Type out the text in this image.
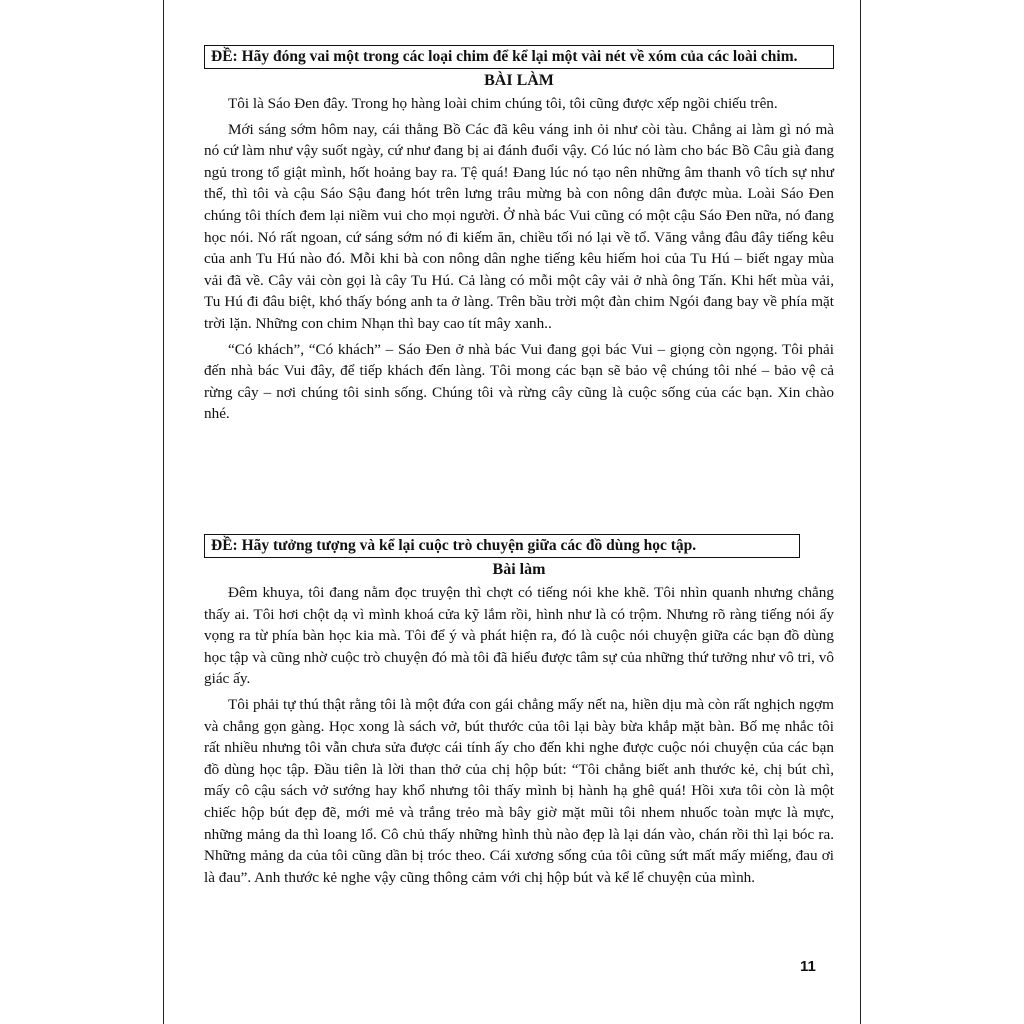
ĐỀ: Hãy đóng vai một trong các loại chim để kể lại một vài nét về xóm của các loài chim.
BÀI LÀM

Tôi là Sáo Đen đây. Trong họ hàng loài chim chúng tôi, tôi cũng được xếp ngồi chiếu trên.

Mới sáng sớm hôm nay, cái thằng Bồ Các đã kêu váng inh ỏi như còi tàu. Chẳng ai làm gì nó mà nó cứ làm như vậy suốt ngày, cứ như đang bị ai đánh đuổi vậy. Có lúc nó làm cho bác Bồ Câu già đang ngủ trong tổ giật mình, hốt hoảng bay ra. Tệ quá! Đang lúc nó tạo nên những âm thanh vô tích sự như thế, thì tôi và cậu Sáo Sậu đang hót trên lưng trâu mừng bà con nông dân được mùa. Loài Sáo Đen chúng tôi thích đem lại niềm vui cho mọi người. Ở nhà bác Vui cũng có một cậu Sáo Đen nữa, nó đang học nói. Nó rất ngoan, cứ sáng sớm nó đi kiếm ăn, chiều tối nó lại về tổ. Văng vẳng đâu đây tiếng kêu của anh Tu Hú nào đó. Mỗi khi bà con nông dân nghe tiếng kêu hiếm hoi của Tu Hú – biết ngay mùa vải đã về. Cây vải còn gọi là cây Tu Hú. Cả làng có mỗi một cây vải ở nhà ông Tấn. Khi hết mùa vải, Tu Hú đi đâu biệt, khó thấy bóng anh ta ở làng. Trên bầu trời một đàn chim Ngói đang bay về phía mặt trời lặn. Những con chim Nhạn thì bay cao tít mây xanh..

“Có khách”, “Có khách” – Sáo Đen ở nhà bác Vui đang gọi bác Vui – giọng còn ngọng. Tôi phải đến nhà bác Vui đây, để tiếp khách đến làng. Tôi mong các bạn sẽ bảo vệ chúng tôi nhé – bảo vệ cả rừng cây – nơi chúng tôi sinh sống. Chúng tôi và rừng cây cũng là cuộc sống của các bạn. Xin chào nhé.

ĐỀ: Hãy tưởng tượng và kể lại cuộc trò chuyện giữa các đồ dùng học tập.
Bài làm

Đêm khuya, tôi đang nằm đọc truyện thì chợt có tiếng nói khe khẽ. Tôi nhìn quanh nhưng chẳng thấy ai. Tôi hơi chột dạ vì mình khoá cửa kỹ lắm rồi, hình như là có trộm. Nhưng rõ ràng tiếng nói ấy vọng ra từ phía bàn học kia mà. Tôi để ý và phát hiện ra, đó là cuộc nói chuyện giữa các bạn đồ dùng học tập và cũng nhờ cuộc trò chuyện đó mà tôi đã hiểu được tâm sự của những thứ tưởng như vô tri, vô giác ấy.

Tôi phải tự thú thật rằng tôi là một đứa con gái chẳng mấy nết na, hiền dịu mà còn rất nghịch ngợm và chẳng gọn gàng. Học xong là sách vở, bút thước của tôi lại bày bừa khắp mặt bàn. Bố mẹ nhắc tôi rất nhiều nhưng tôi vẫn chưa sửa được cái tính ấy cho đến khi nghe được cuộc nói chuyện của các bạn đồ dùng học tập. Đầu tiên là lời than thở của chị hộp bút: “Tôi chẳng biết anh thước kẻ, chị bút chì, mấy cô cậu sách vở sướng hay khổ nhưng tôi thấy mình bị hành hạ ghê quá! Hồi xưa tôi còn là một chiếc hộp bút đẹp đẽ, mới mẻ và trắng trẻo mà bây giờ mặt mũi tôi nhem nhuốc toàn mực là mực, những mảng da thì loang lổ. Cô chủ thấy những hình thù nào đẹp là lại dán vào, chán rồi thì lại bóc ra. Những mảng da của tôi cũng dần bị tróc theo. Cái xương sống của tôi cũng sứt mất mấy miếng, đau ơi là đau”. Anh thước kẻ nghe vậy cũng thông cảm với chị hộp bút và kể lể chuyện của mình.

11
